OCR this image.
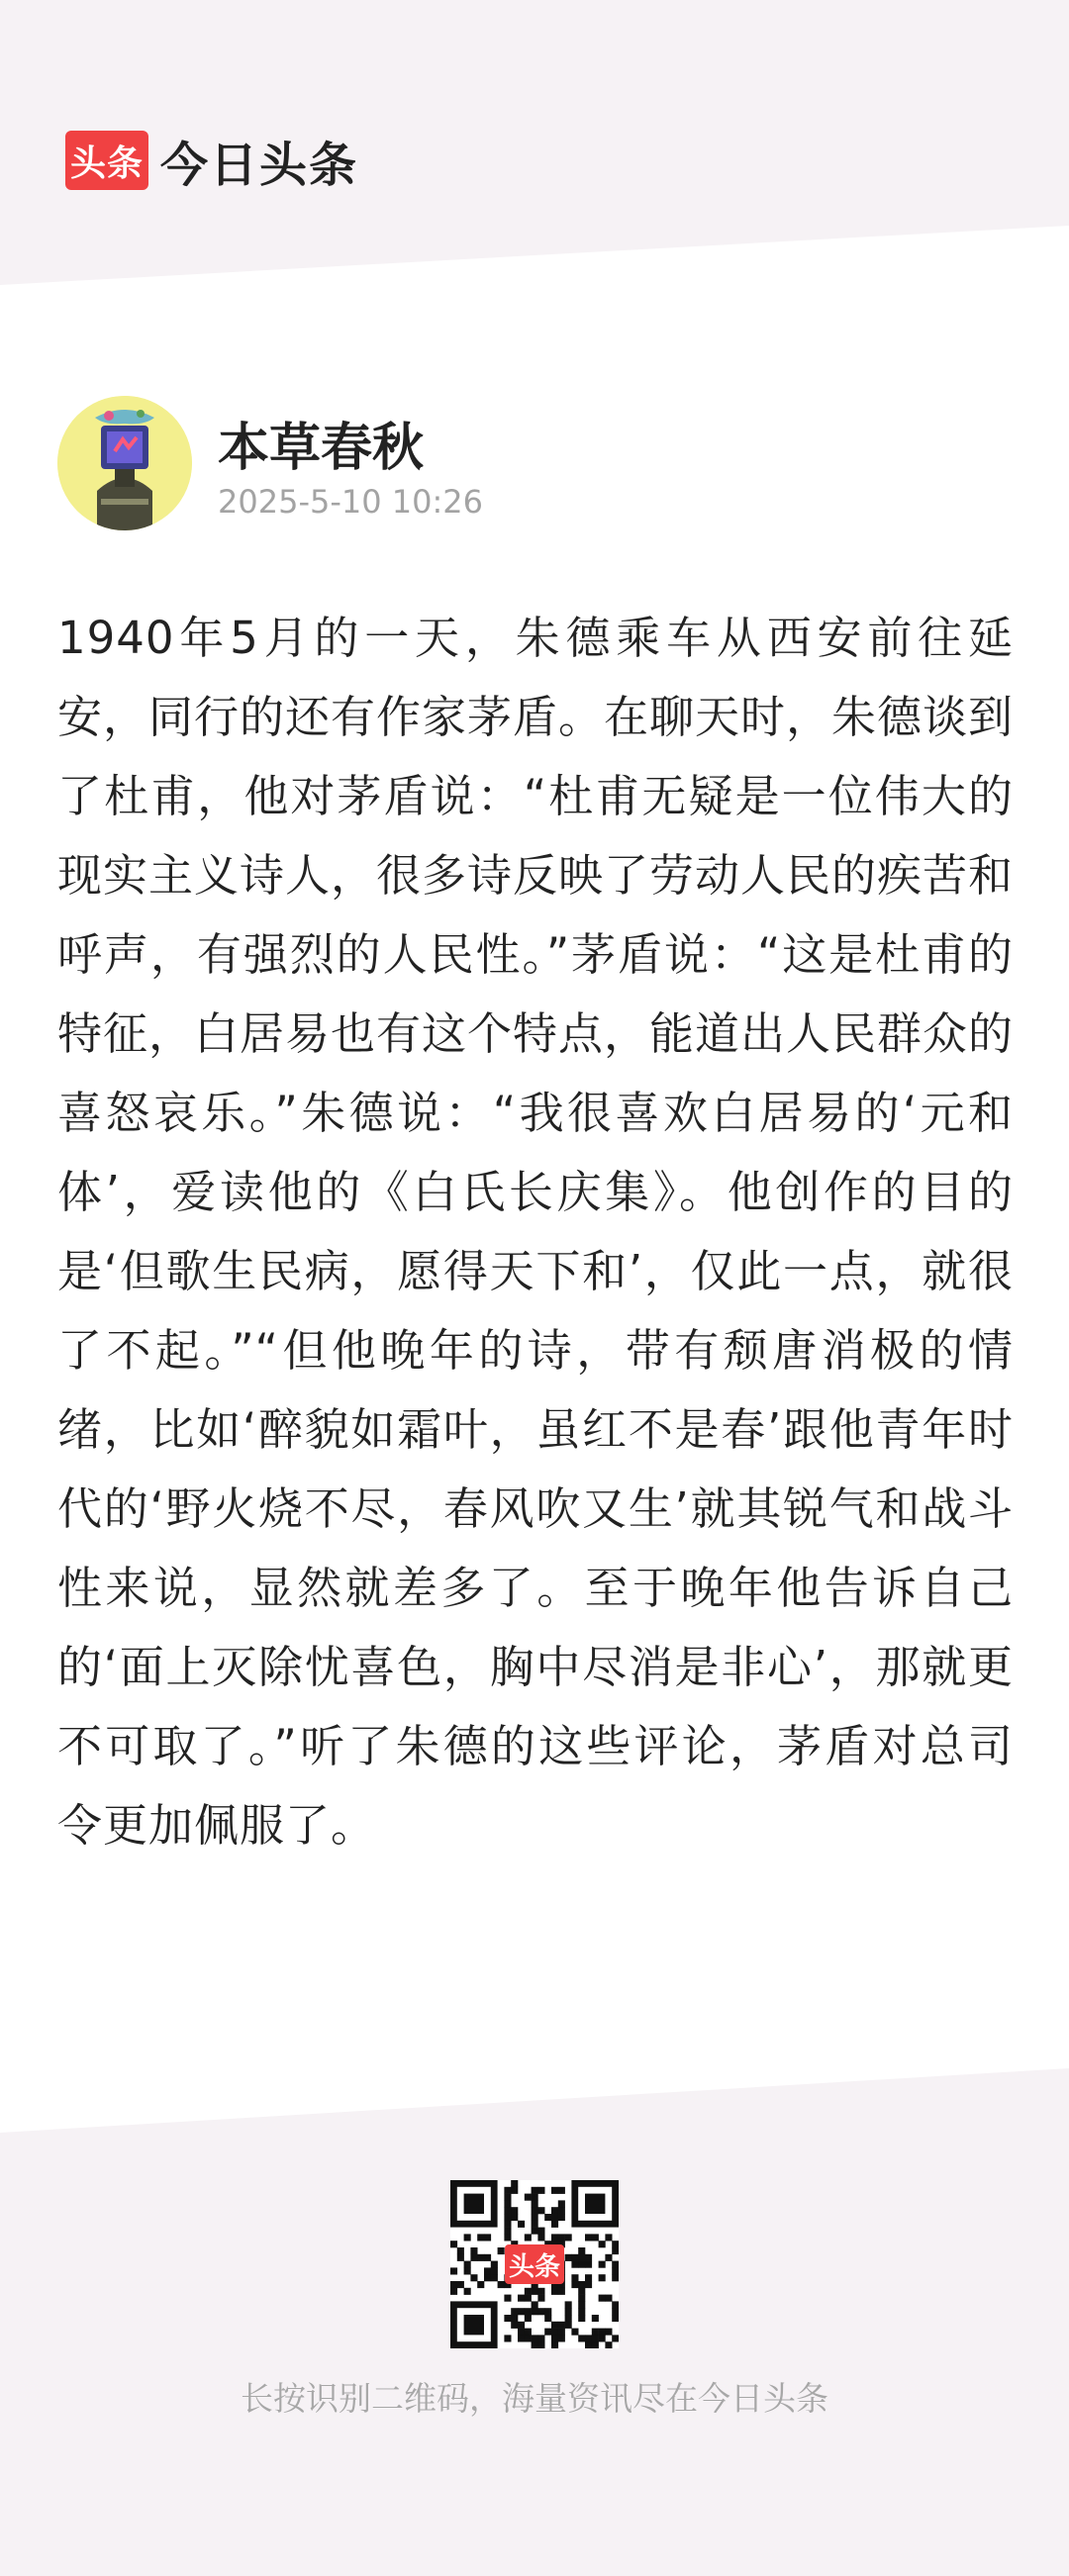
头条 今日头条
本草春秋
2025-5-10 10:26

1940年5月的一天，朱德乘车从西安前往延安，同行的还有作家茅盾。在聊天时，朱德谈到了杜甫，他对茅盾说：“杜甫无疑是一位伟大的现实主义诗人，很多诗反映了劳动人民的疾苦和呼声，有强烈的人民性。”茅盾说：“这是杜甫的特征，白居易也有这个特点，能道出人民群众的喜怒哀乐。”朱德说：“我很喜欢白居易的‘元和体’，爱读他的《白氏长庆集》。他创作的目的是‘但歌生民病，愿得天下和’，仅此一点，就很了不起。”“但他晚年的诗，带有颓唐消极的情绪，比如‘醉貌如霜叶，虽红不是春’跟他青年时代的‘野火烧不尽，春风吹又生’就其锐气和战斗性来说，显然就差多了。至于晚年他告诉自己的‘面上灭除忧喜色，胸中尽消是非心’，那就更不可取了。”听了朱德的这些评论，茅盾对总司令更加佩服了。

头条
长按识别二维码，海量资讯尽在今日头条
